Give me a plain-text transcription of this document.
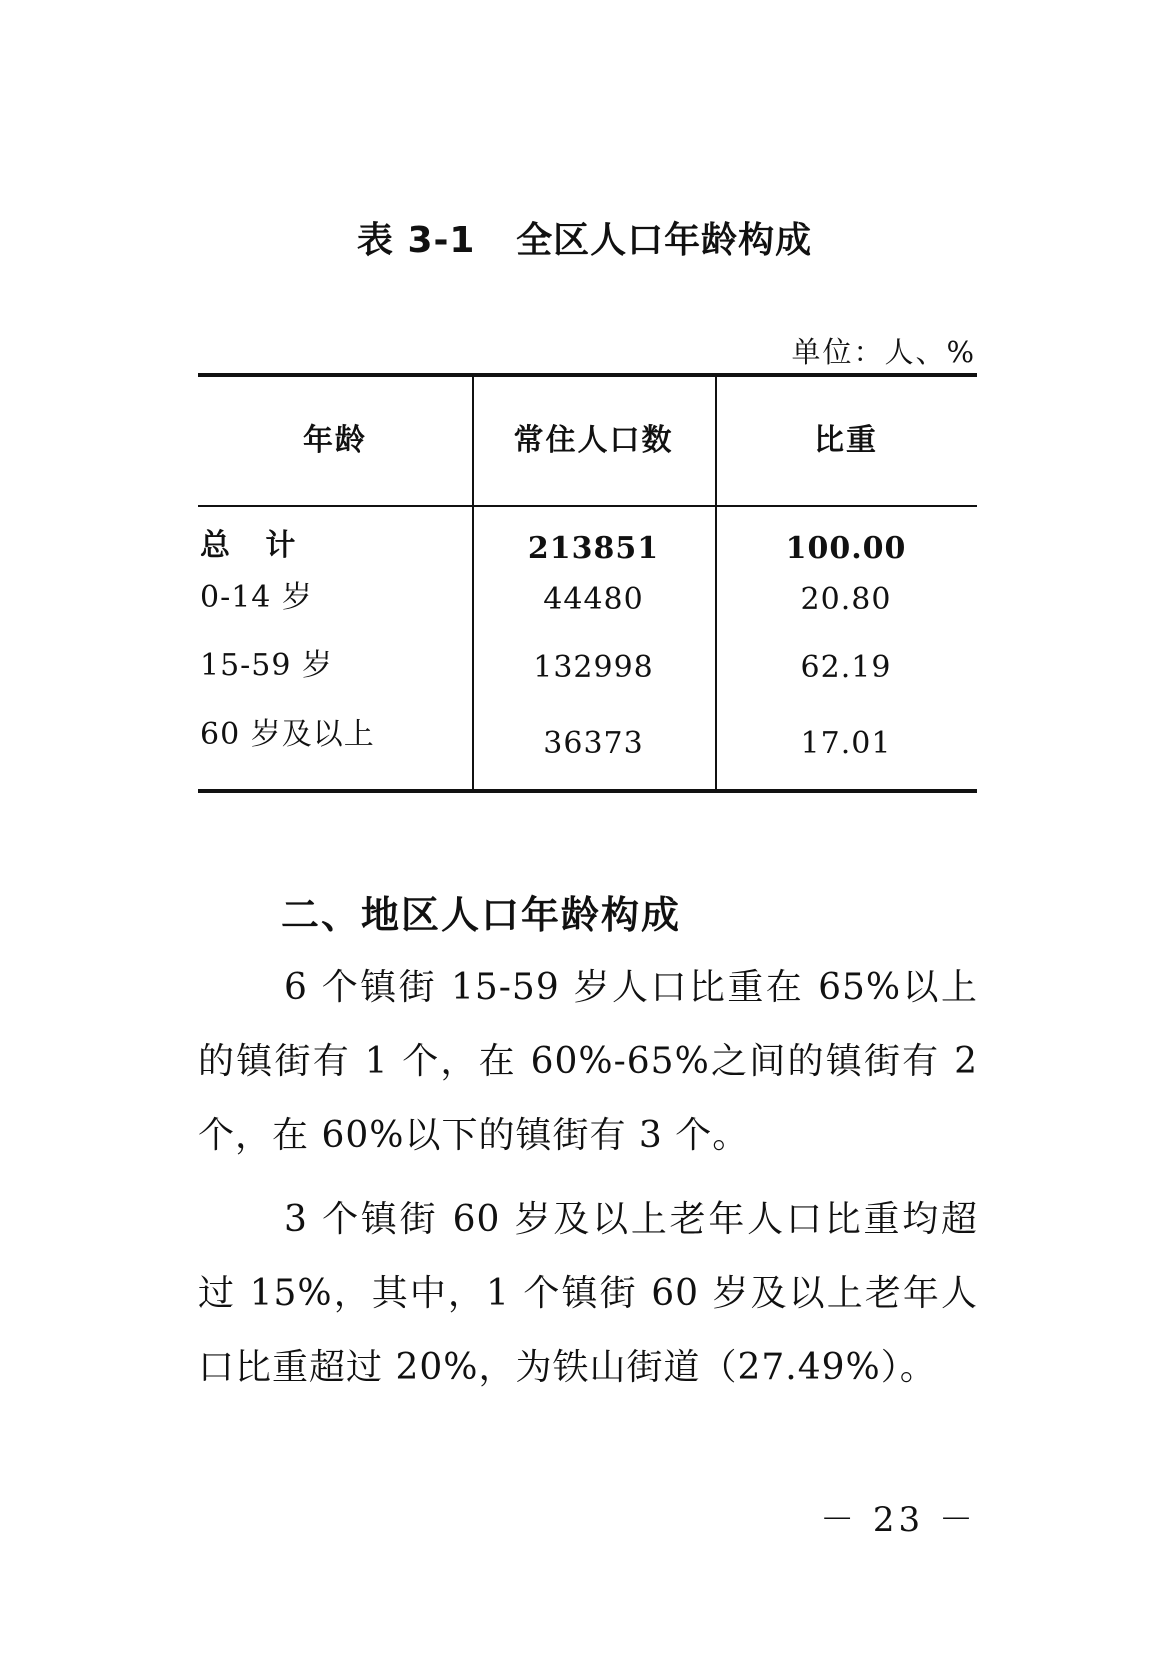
表 3-1   全区人口年龄构成
单位：人、%
年龄	常住人口数	比重
总   计	213851	100.00
0-14 岁	44480	20.80
15-59 岁	132998	62.19
60 岁及以上	36373	17.01
二、地区人口年龄构成

6 个镇街 15-59 岁人口比重在 65%以上的镇街有 1 个，在 60%-65%之间的镇街有 2 个，在 60%以下的镇街有 3 个。

3 个镇街 60 岁及以上老年人口比重均超过 15%，其中，1 个镇街 60 岁及以上老年人口比重超过 20%，为铁山街道（27.49%）。

－ 23 －
